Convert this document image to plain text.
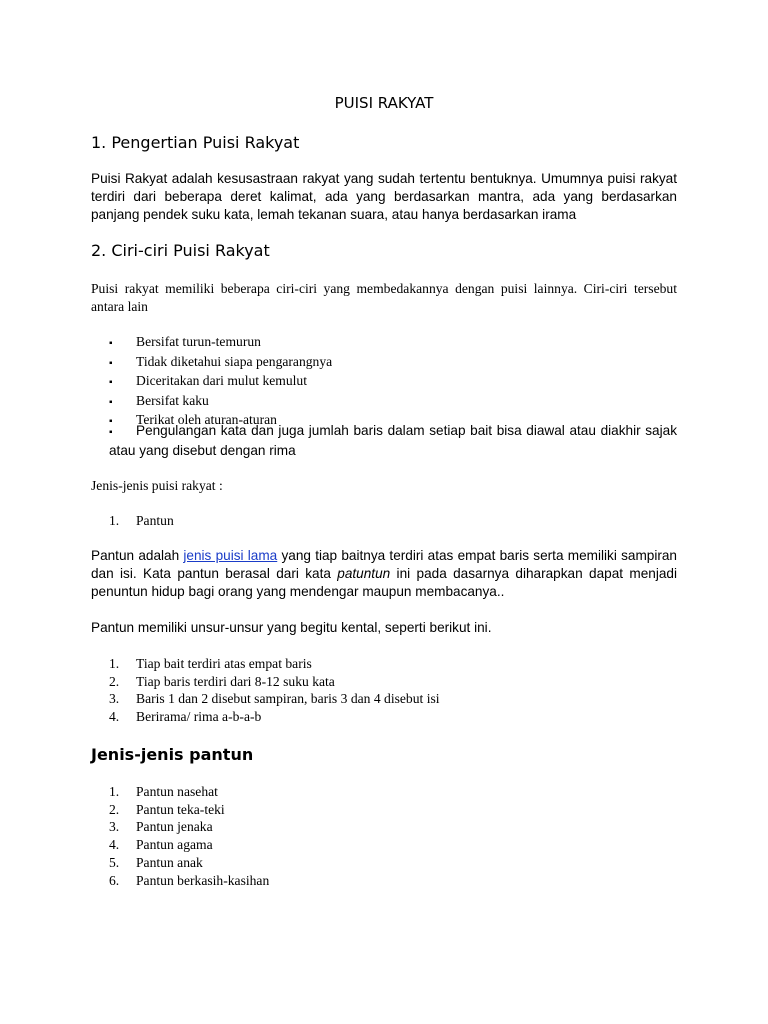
PUISI RAKYAT
1. Pengertian Puisi Rakyat
Puisi Rakyat adalah kesusastraan rakyat yang sudah tertentu bentuknya. Umumnya puisi rakyat terdiri dari beberapa deret kalimat, ada yang berdasarkan mantra, ada yang berdasarkan panjang pendek suku kata, lemah tekanan suara, atau hanya berdasarkan irama
2. Ciri-ciri Puisi Rakyat
Puisi rakyat memiliki beberapa ciri-ciri yang membedakannya dengan puisi lainnya. Ciri-ciri tersebut antara lain
▪	Bersifat turun-temurun
▪	Tidak diketahui siapa pengarangnya
▪	Diceritakan dari mulut kemulut
▪	Bersifat kaku
▪	Terikat oleh aturan-aturan
▪ Pengulangan kata dan juga jumlah baris dalam setiap bait bisa diawal atau diakhir sajak atau yang disebut dengan rima
Jenis-jenis puisi rakyat :
1.	Pantun
Pantun adalah jenis puisi lama yang tiap baitnya terdiri atas empat baris serta memiliki sampiran dan isi. Kata pantun berasal dari kata patuntun ini pada dasarnya diharapkan dapat menjadi penuntun hidup bagi orang yang mendengar maupun membacanya..
Pantun memiliki unsur-unsur yang begitu kental, seperti berikut ini.
1.	Tiap bait terdiri atas empat baris
2.	Tiap baris terdiri dari 8-12 suku kata
3.	Baris 1 dan 2 disebut sampiran, baris 3 dan 4 disebut isi
4.	Berirama/ rima a-b-a-b
Jenis-jenis pantun
1.	Pantun nasehat
2.	Pantun teka-teki
3.	Pantun jenaka
4.	Pantun agama
5.	Pantun anak
6.	Pantun berkasih-kasihan
